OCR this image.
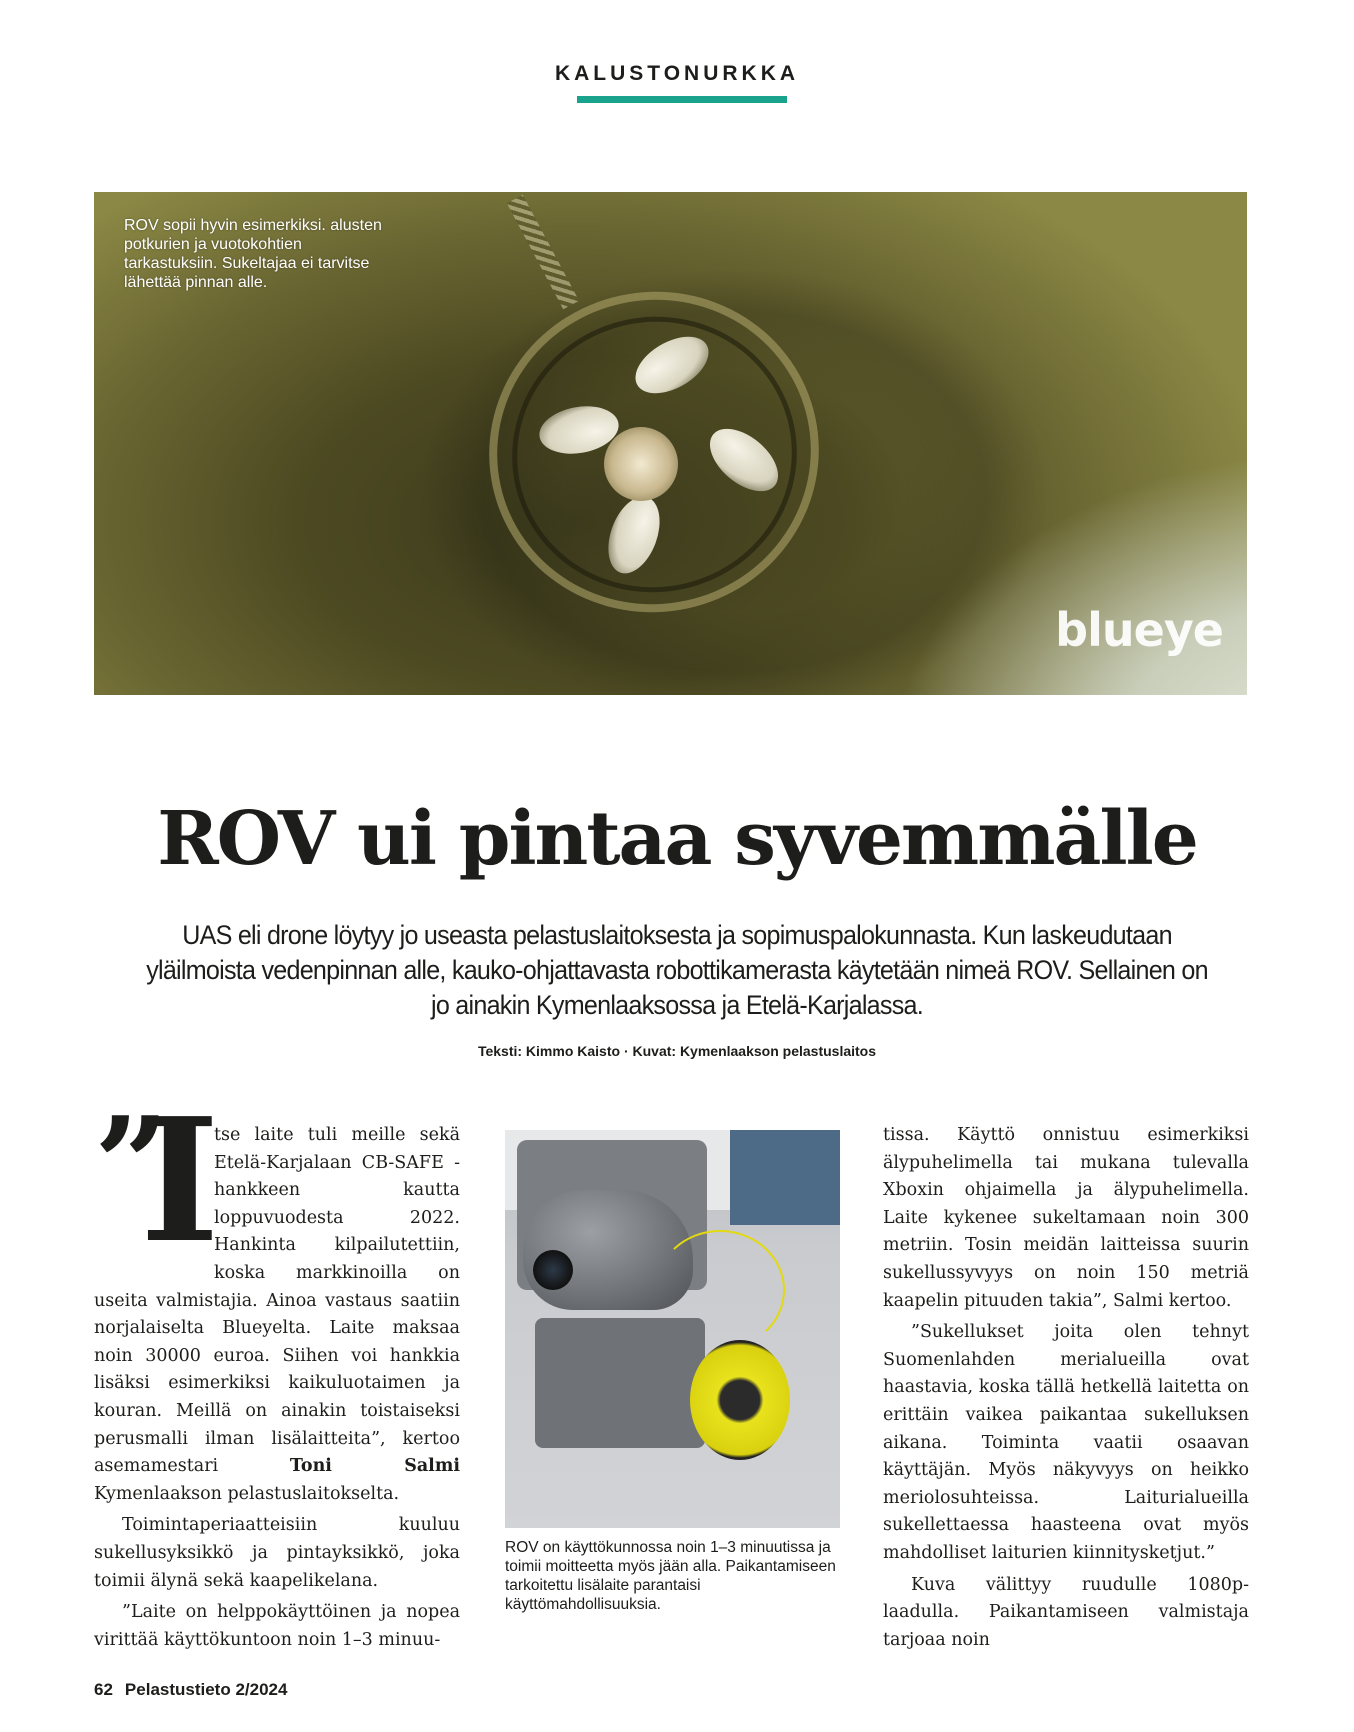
KALUSTONURKKA
ROV sopii hyvin esimerkiksi. alusten potkurien ja vuotokohtien tarkastuksiin. Sukeltajaa ei tarvitse lähettää pinnan alle.
blueye
ROV ui pintaa syvemmälle
UAS eli drone löytyy jo useasta pelastuslaitoksesta ja sopimuspalokunnasta. Kun laskeudutaan yläilmoista vedenpinnan alle, kauko-ohjattavasta robottikamerasta käytetään nimeä ROV. Sellainen on jo ainakin Kymenlaaksossa ja Etelä-Karjalassa.
Teksti: Kimmo Kaisto · Kuvat: Kymenlaakson pelastuslaitos

”
I
tse laite tuli meille sekä Etelä-Karjalaan CB-SAFE -hankkeen kautta loppuvuodesta 2022. Hankinta kilpailutettiin, koska markkinoilla on useita valmistajia. Ainoa vastaus saatiin norjalaiselta Blueyelta. Laite maksaa noin 30000 euroa. Siihen voi hankkia lisäksi esimerkiksi kaikuluotaimen ja kouran. Meillä on ainakin toistaiseksi perusmalli ilman lisälaitteita”, kertoo asemamestari Toni Salmi Kymenlaakson pelastuslaitokselta.

Toimintaperiaatteisiin kuuluu sukellusyksikkö ja pintayksikkö, joka toimii älynä sekä kaapelikelana.

”Laite on helppokäyttöinen ja nopea virittää käyttökuntoon noin 1–3 minuu-

ROV on käyttökunnossa noin 1–3 minuutissa ja toimii moitteetta myös jään alla. Paikantamiseen tarkoitettu lisälaite parantaisi käyttömahdollisuuksia.

tissa. Käyttö onnistuu esimerkiksi älypuhelimella tai mukana tulevalla Xboxin ohjaimella ja älypuhelimella. Laite kykenee sukeltamaan noin 300 metriin. Tosin meidän laitteissa suurin sukellussyvyys on noin 150 metriä kaapelin pituuden takia”, Salmi kertoo.

”Sukellukset joita olen tehnyt Suomenlahden merialueilla ovat haastavia, koska tällä hetkellä laitetta on erittäin vaikea paikantaa sukelluksen aikana. Toiminta vaatii osaavan käyttäjän. Myös näkyvyys on heikko meriolosuhteissa. Laiturialueilla sukellettaessa haasteena ovat myös mahdolliset laiturien kiinnitysketjut.”

Kuva välittyy ruudulle 1080p-laadulla. Paikantamiseen valmistaja tarjoaa noin

62 Pelastustieto 2/2024
